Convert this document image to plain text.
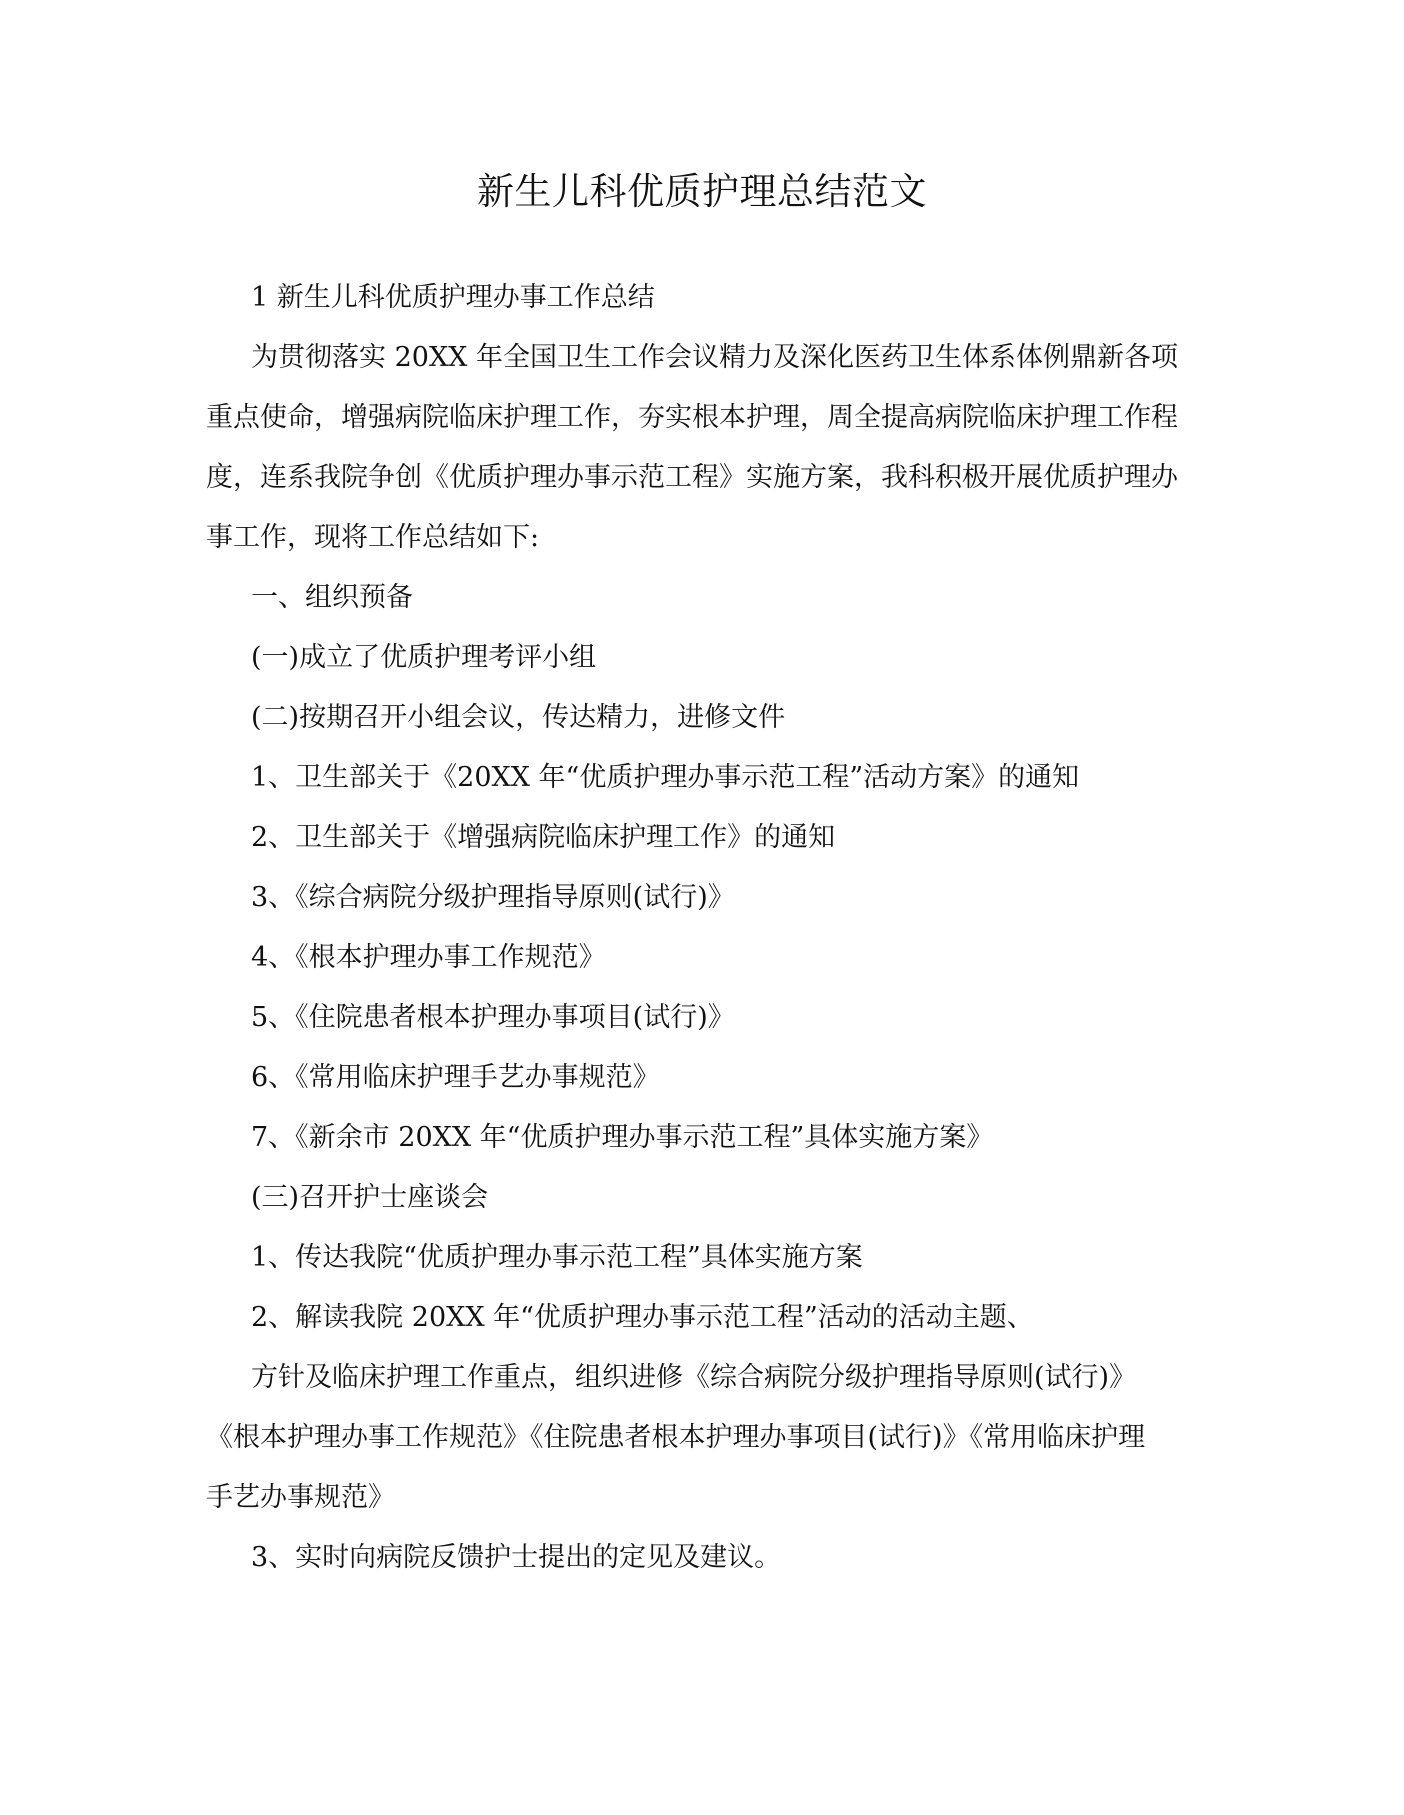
新生儿科优质护理总结范文
1 新生儿科优质护理办事工作总结
为贯彻落实 20XX 年全国卫生工作会议精力及深化医药卫生体系体例鼎新各项
重点使命，增强病院临床护理工作，夯实根本护理，周全提高病院临床护理工作程
度，连系我院争创《优质护理办事示范工程》实施方案，我科积极开展优质护理办
事工作，现将工作总结如下:
一、组织预备
(一)成立了优质护理考评小组
(二)按期召开小组会议，传达精力，进修文件
1、卫生部关于《20XX 年“优质护理办事示范工程”活动方案》的通知
2、卫生部关于《增强病院临床护理工作》的通知
3、《综合病院分级护理指导原则(试行)》
4、《根本护理办事工作规范》
5、《住院患者根本护理办事项目(试行)》
6、《常用临床护理手艺办事规范》
7、《新余市 20XX 年“优质护理办事示范工程”具体实施方案》
(三)召开护士座谈会
1、传达我院“优质护理办事示范工程”具体实施方案
2、解读我院 20XX 年“优质护理办事示范工程”活动的活动主题、
方针及临床护理工作重点，组织进修《综合病院分级护理指导原则(试行)》
《根本护理办事工作规范》《住院患者根本护理办事项目(试行)》《常用临床护理
手艺办事规范》
3、实时向病院反馈护士提出的定见及建议。
